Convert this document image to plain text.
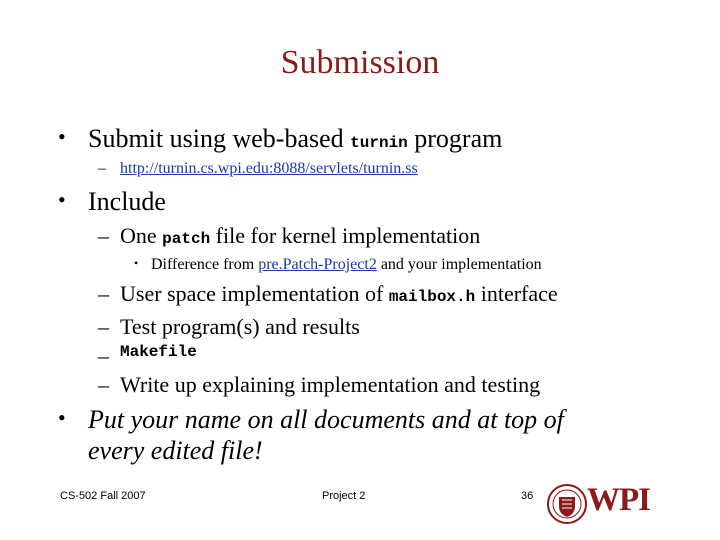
Submission
• Submit using web-based turnin program
– http://turnin.cs.wpi.edu:8088/servlets/turnin.ss
• Include
– One patch file for kernel implementation
• Difference from pre.Patch-Project2 and your implementation
– User space implementation of mailbox.h interface
– Test program(s) and results
– Makefile
– Write up explaining implementation and testing
• Put your name on all documents and at top of
every edited file!
CS-502 Fall 2007	Project 2	36 WPI
